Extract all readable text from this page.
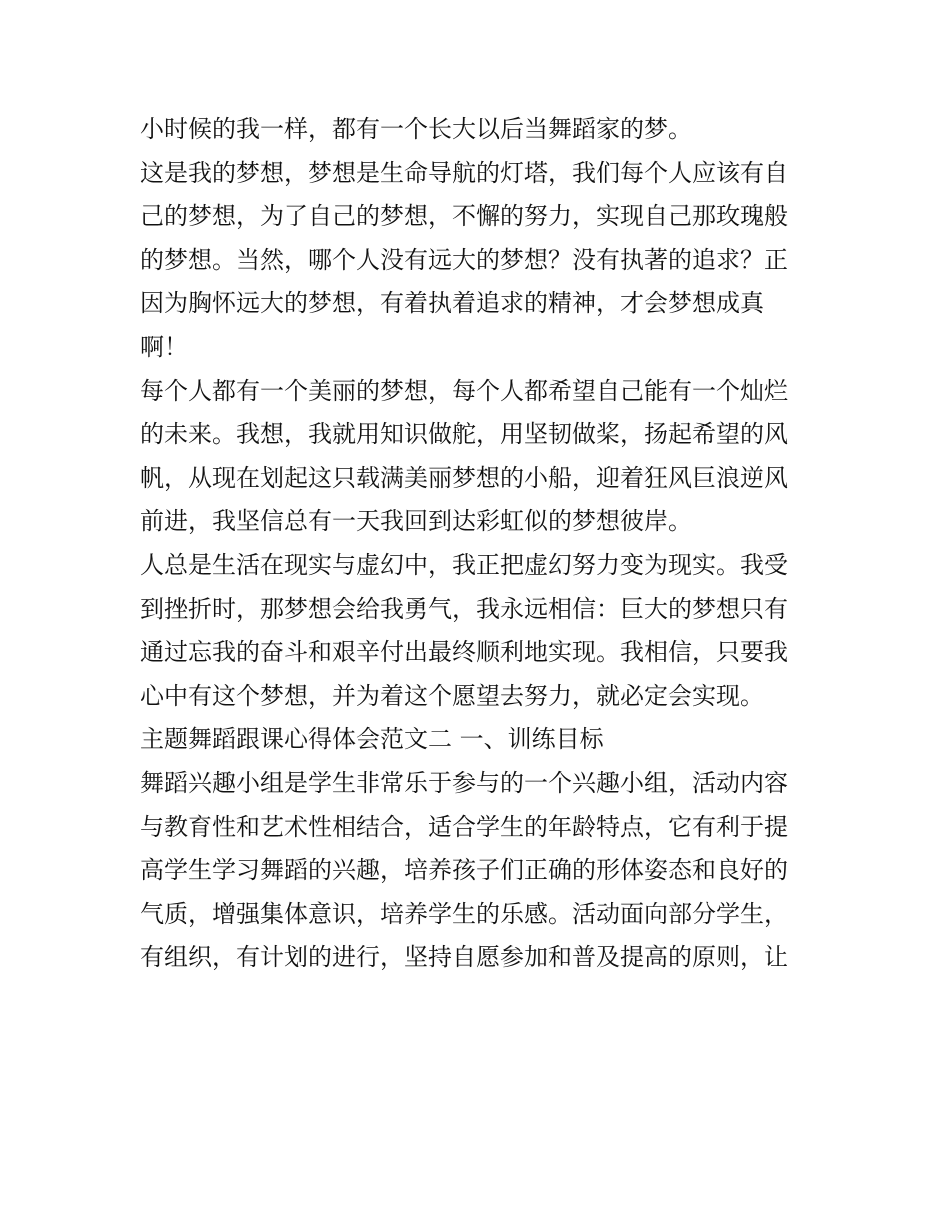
小时候的我一样，都有一个长大以后当舞蹈家的梦。
这是我的梦想，梦想是生命导航的灯塔，我们每个人应该有自
己的梦想，为了自己的梦想，不懈的努力，实现自己那玫瑰般
的梦想。当然，哪个人没有远大的梦想？没有执著的追求？正
因为胸怀远大的梦想，有着执着追求的精神，才会梦想成真
啊！
每个人都有一个美丽的梦想，每个人都希望自己能有一个灿烂
的未来。我想，我就用知识做舵，用坚韧做桨，扬起希望的风
帆，从现在划起这只载满美丽梦想的小船，迎着狂风巨浪逆风
前进，我坚信总有一天我回到达彩虹似的梦想彼岸。
人总是生活在现实与虚幻中，我正把虚幻努力变为现实。我受
到挫折时，那梦想会给我勇气，我永远相信：巨大的梦想只有
通过忘我的奋斗和艰辛付出最终顺利地实现。我相信，只要我
心中有这个梦想，并为着这个愿望去努力，就必定会实现。
主题舞蹈跟课心得体会范文二 一、训练目标
舞蹈兴趣小组是学生非常乐于参与的一个兴趣小组，活动内容
与教育性和艺术性相结合，适合学生的年龄特点，它有利于提
高学生学习舞蹈的兴趣，培养孩子们正确的形体姿态和良好的
气质，增强集体意识，培养学生的乐感。活动面向部分学生，
有组织，有计划的进行，坚持自愿参加和普及提高的原则，让
